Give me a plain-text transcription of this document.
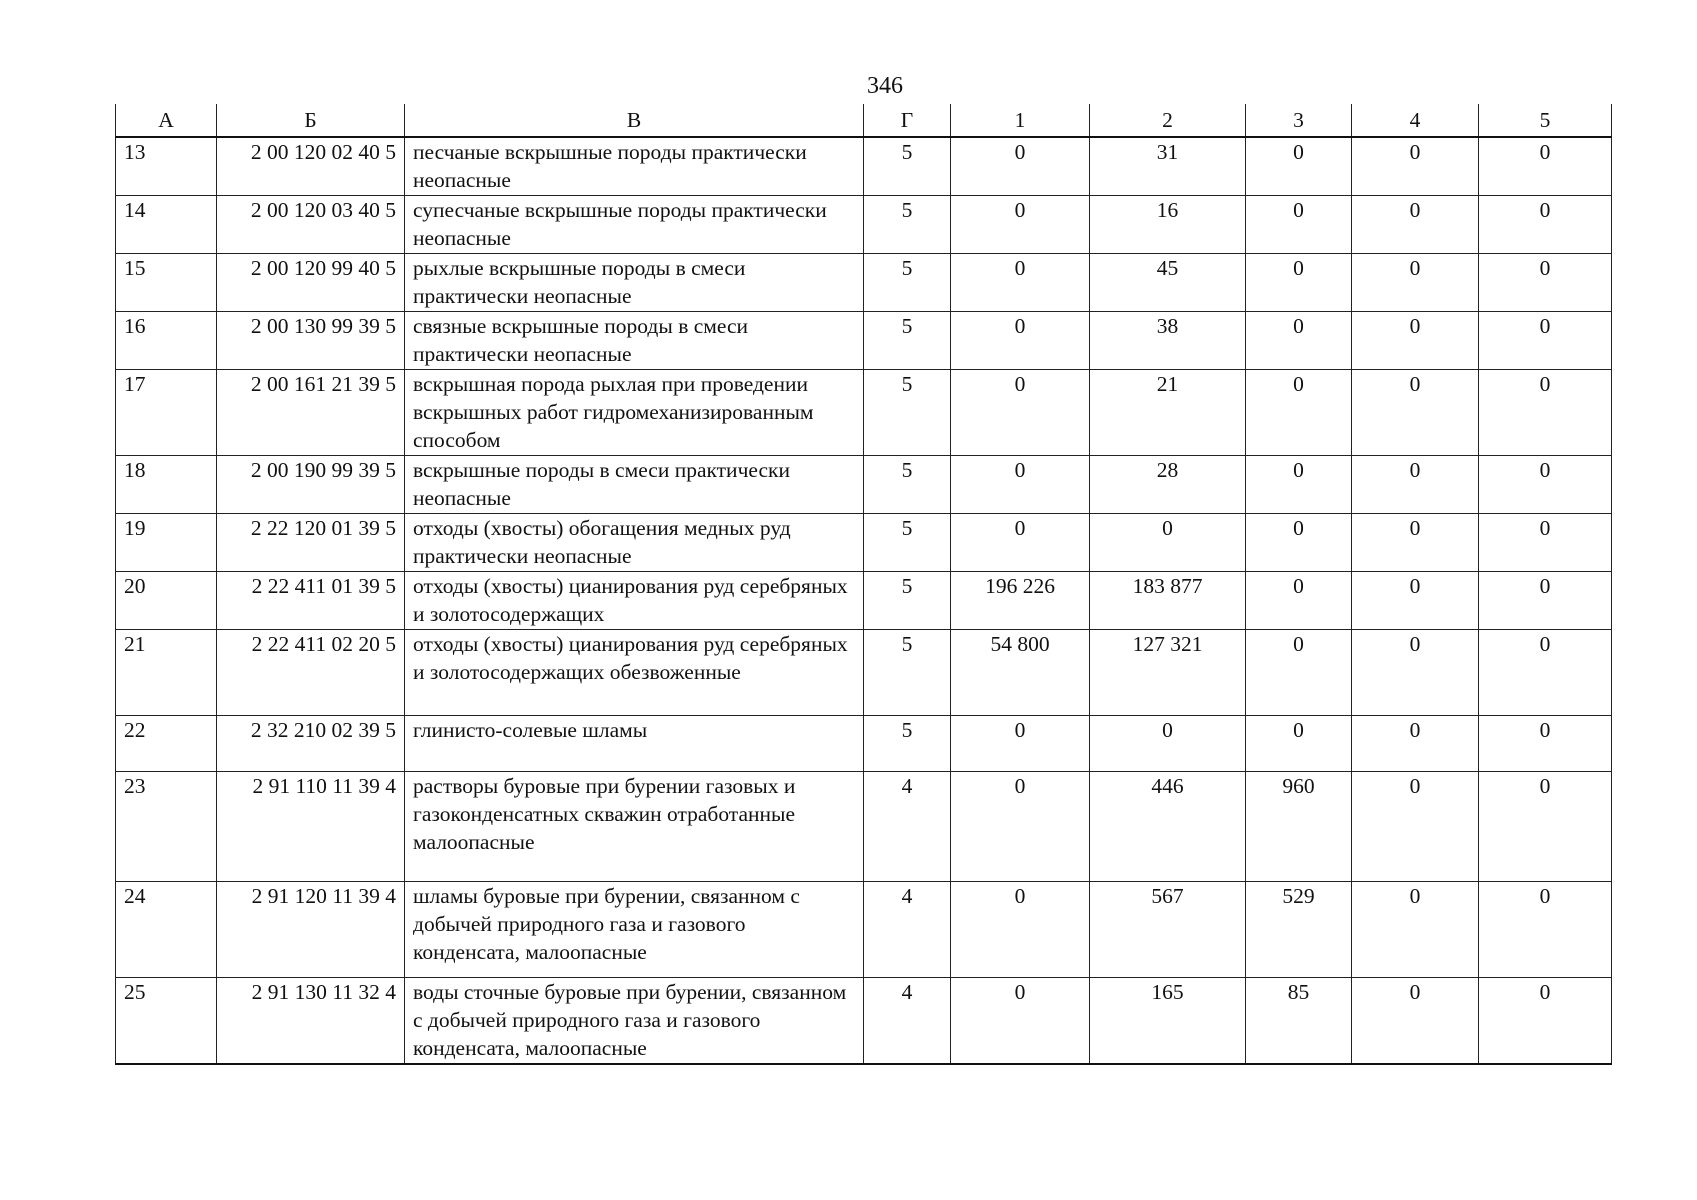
346
А	Б	В	Г	1	2	3	4	5
13	2 00 120 02 40 5	песчаные вскрышные породы практически неопасные	5	0	31	0	0	0
14	2 00 120 03 40 5	супесчаные вскрышные породы практически неопасные	5	0	16	0	0	0
15	2 00 120 99 40 5	рыхлые вскрышные породы в смеси практически неопасные	5	0	45	0	0	0
16	2 00 130 99 39 5	связные вскрышные породы в смеси практически неопасные	5	0	38	0	0	0
17	2 00 161 21 39 5	вскрышная порода рыхлая при проведении вскрышных работ гидромеханизированным способом	5	0	21	0	0	0
18	2 00 190 99 39 5	вскрышные породы в смеси практически неопасные	5	0	28	0	0	0
19	2 22 120 01 39 5	отходы (хвосты) обогащения медных руд практически неопасные	5	0	0	0	0	0
20	2 22 411 01 39 5	отходы (хвосты) цианирования руд серебряных и золотосодержащих	5	196 226	183 877	0	0	0
21	2 22 411 02 20 5	отходы (хвосты) цианирования руд серебряных и золотосодержащих обезвоженные	5	54 800	127 321	0	0	0
22	2 32 210 02 39 5	глинисто-солевые шламы	5	0	0	0	0	0
23	2 91 110 11 39 4	растворы буровые при бурении газовых и газоконденсатных скважин отработанные малоопасные	4	0	446	960	0	0
24	2 91 120 11 39 4	шламы буровые при бурении, связанном с добычей природного газа и газового конденсата, малоопасные	4	0	567	529	0	0
25	2 91 130 11 32 4	воды сточные буровые при бурении, связанном с добычей природного газа и газового конденсата, малоопасные	4	0	165	85	0	0
